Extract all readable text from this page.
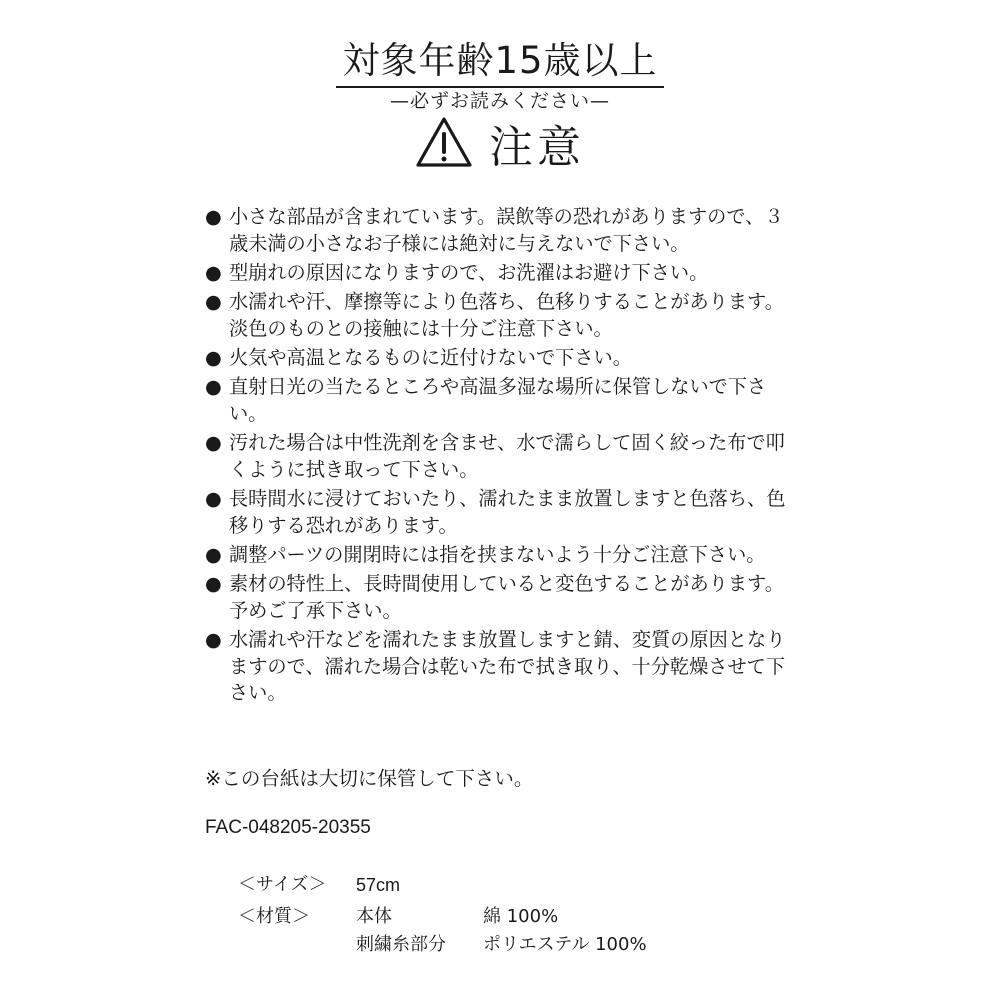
対象年齢15歳以上
—必ずお読みください—
注意
● 小さな部品が含まれています。誤飲等の恐れがありますので、３歳未満の小さなお子様には絶対に与えないで下さい。
● 型崩れの原因になりますので、お洗濯はお避け下さい。
● 水濡れや汗、摩擦等により色落ち、色移りすることがあります。淡色のものとの接触には十分ご注意下さい。
● 火気や高温となるものに近付けないで下さい。
● 直射日光の当たるところや高温多湿な場所に保管しないで下さい。
● 汚れた場合は中性洗剤を含ませ、水で濡らして固く絞った布で叩くように拭き取って下さい。
● 長時間水に浸けておいたり、濡れたまま放置しますと色落ち、色移りする恐れがあります。
● 調整パーツの開閉時には指を挟まないよう十分ご注意下さい。
● 素材の特性上、長時間使用していると変色することがあります。予めご了承下さい。
● 水濡れや汗などを濡れたまま放置しますと錆、変質の原因となりますので、濡れた場合は乾いた布で拭き取り、十分乾燥させて下さい。
※この台紙は大切に保管して下さい。
FAC-048205-20355
＜サイズ＞ 57cm
＜材質＞	本体	綿 100%
刺繍糸部分 ポリエステル 100%
